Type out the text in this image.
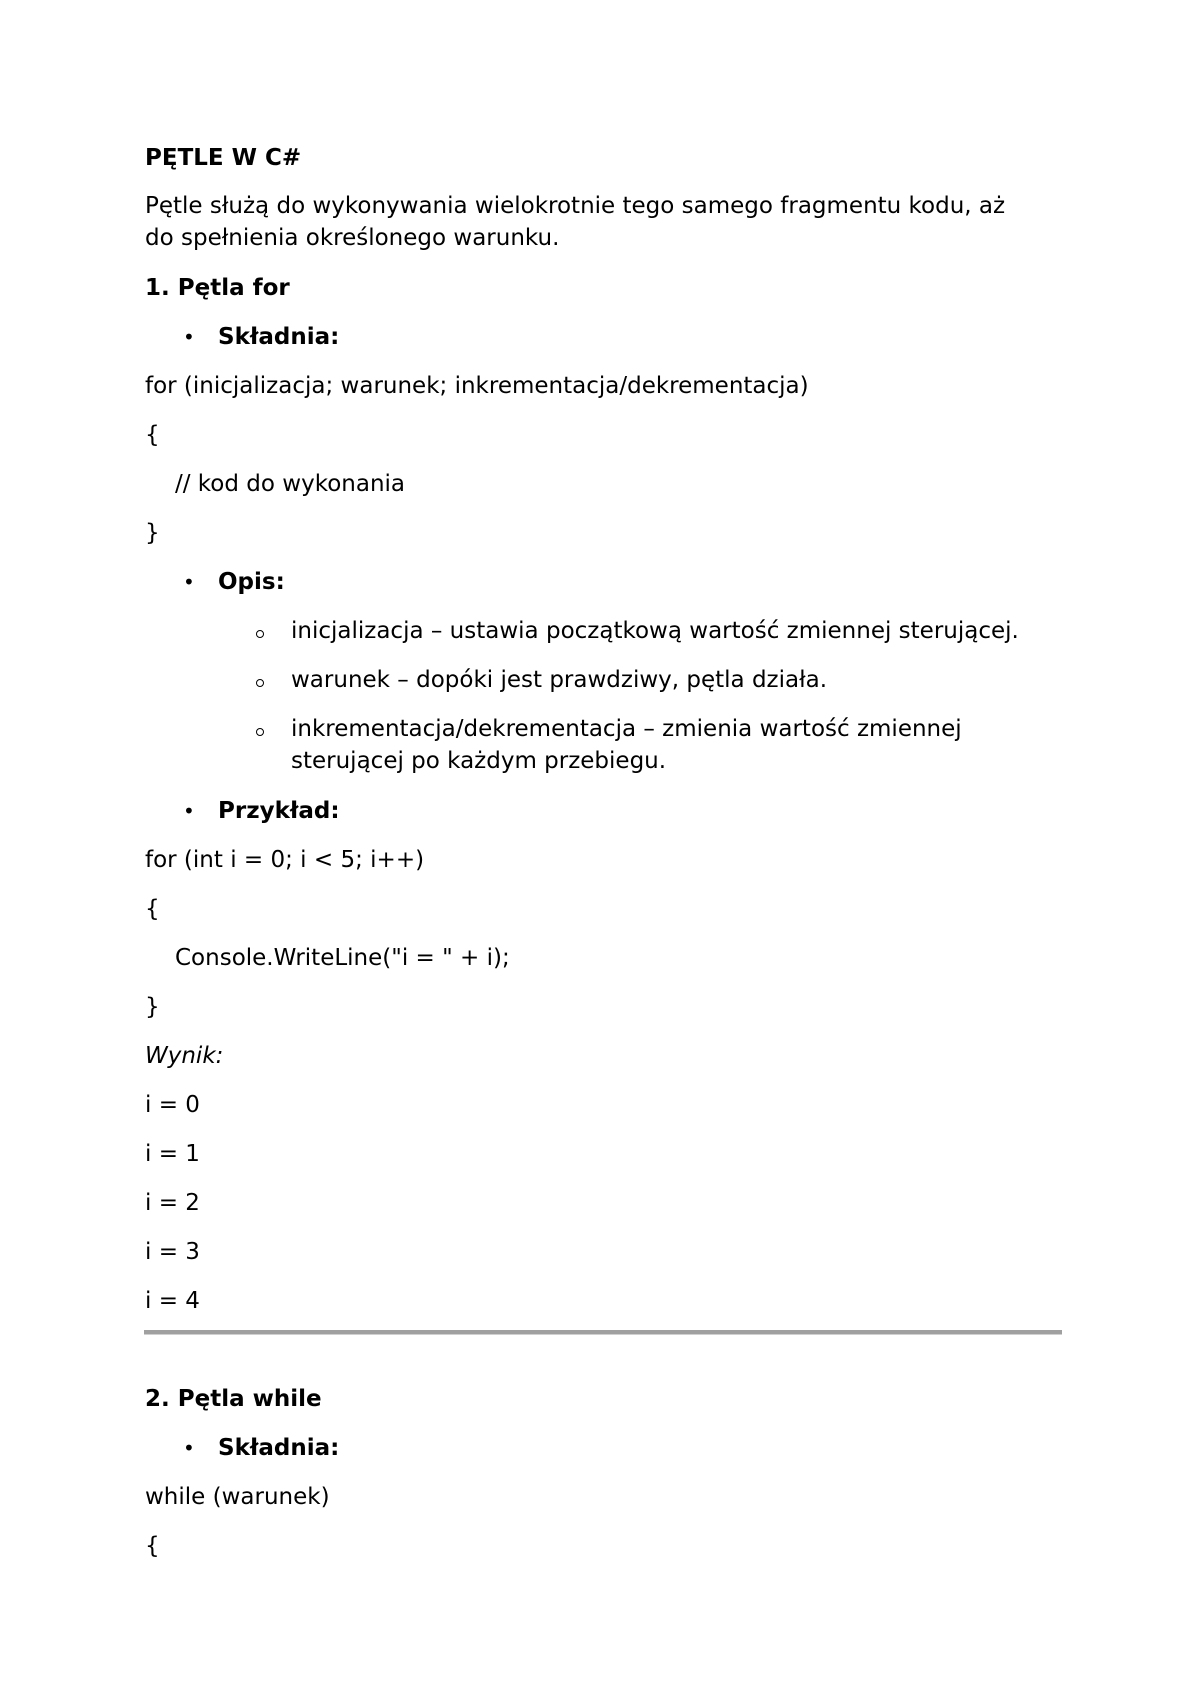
PĘTLE W C#
Pętle służą do wykonywania wielokrotnie tego samego fragmentu kodu, aż
do spełnienia określonego warunku.
1. Pętla for
• Składnia:
for (inicjalizacja; warunek; inkrementacja/dekrementacja)
{
// kod do wykonania
}
• Opis:
inicjalizacja – ustawia początkową wartość zmiennej sterującej.
warunek – dopóki jest prawdziwy, pętla działa.
inkrementacja/dekrementacja – zmienia wartość zmiennej
sterującej po każdym przebiegu.
• Przykład:
for (int i = 0; i < 5; i++)
{
Console.WriteLine("i = " + i);
}
Wynik:
i = 0
i = 1
i = 2
i = 3
i = 4
2. Pętla while
• Składnia:
while (warunek)
{
